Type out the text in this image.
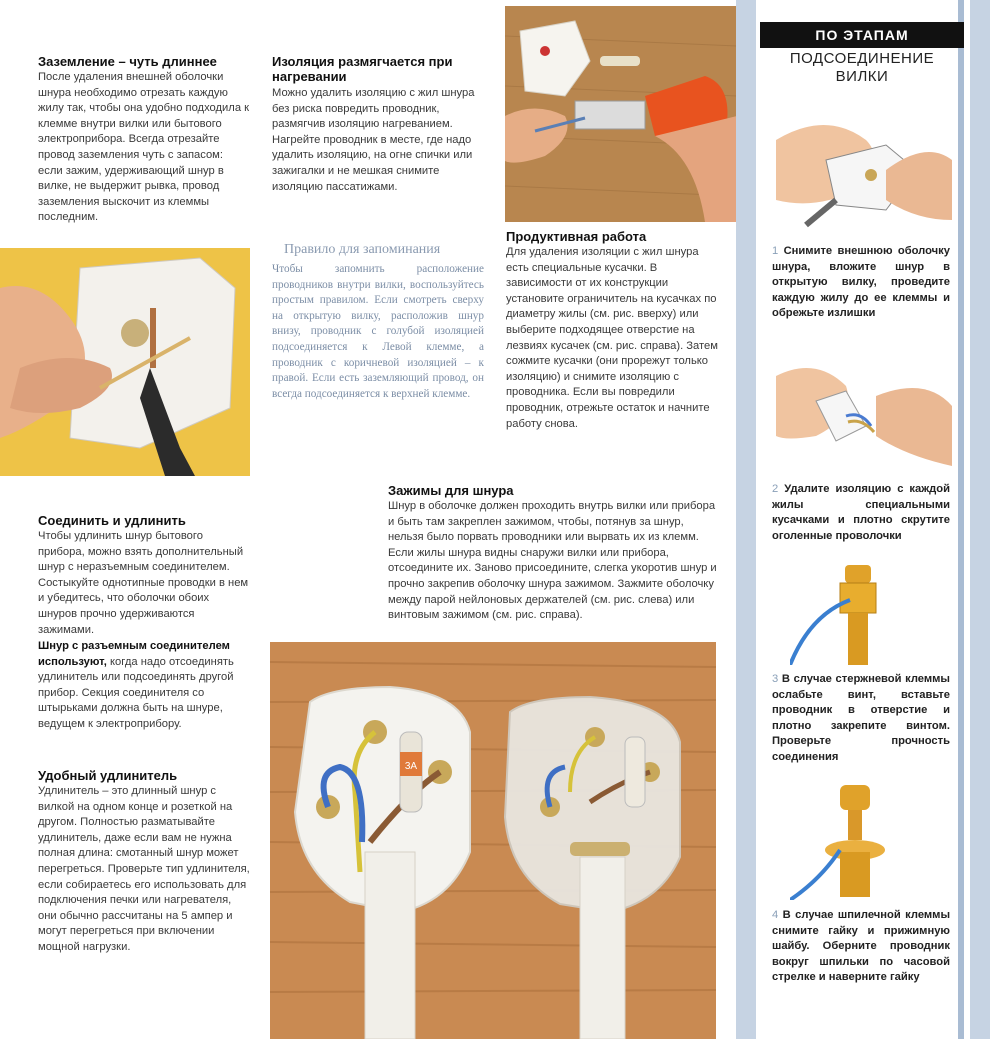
Заземление – чуть длиннее
После удаления внешней оболочки шнура необходимо отрезать каждую жилу так, чтобы она удобно подходила к клемме внутри вилки или бытового электроприбора. Всегда отрезайте провод заземления чуть с запасом: если зажим, удерживающий шнур в вилке, не выдержит рывка, провод заземления выскочит из клеммы последним.
Соединить и удлинить
Чтобы удлинить шнур бытового прибора, можно взять дополнительный шнур с неразъемным соединителем. Состыкуйте однотипные проводки в нем и убедитесь, что оболочки обоих шнуров прочно удерживаются зажимами.
Шнур с разъемным соединителем используют, когда надо отсоединять удлинитель или подсоединять другой прибор. Секция соединителя со штырьками должна быть на шнуре, ведущем к электроприбору.
Удобный удлинитель
Удлинитель – это длинный шнур с вилкой на одном конце и розеткой на другом. Полностью разматывайте удлинитель, даже если вам не нужна полная длина: смотанный шнур может перегреться. Проверьте тип удлинителя, если собираетесь его использовать для подключения печки или нагревателя, они обычно рассчитаны на 5 ампер и могут перегреться при включении мощной нагрузки.
Изоляция размягчается при нагревании
Можно удалить изоляцию с жил шнура без риска повредить проводник, размягчив изоляцию нагреванием. Нагрейте проводник в месте, где надо удалить изоляцию, на огне спички или зажигалки и не мешкая снимите изоляцию пассатижами.
Правило для запоминания
Чтобы запомнить расположение проводников внутри вилки, воспользуйтесь простым правилом. Если смотреть сверху на открытую вилку, расположив шнур внизу, проводник с голубой изоляцией подсоединяется к Левой клемме, а проводник с коричневой изоляцией – к правой. Если есть заземляющий провод, он всегда подсоединяется к верхней клемме.
Зажимы для шнура
Шнур в оболочке должен проходить внутрь вилки или прибора и быть там закреплен зажимом, чтобы, потянув за шнур, нельзя было порвать проводники или вырвать их из клемм. Если жилы шнура видны снаружи вилки или прибора, отсоедините их. Заново присоедините, слегка укоротив шнур и прочно закрепив оболочку шнура зажимом. Зажмите оболочку между парой нейлоновых держателей (см. рис. слева) или винтовым зажимом (см. рис. справа).
Продуктивная работа
Для удаления изоляции с жил шнура есть специальные кусачки. В зависимости от их конструкции установите ограничитель на кусачках по диаметру жилы (см. рис. вверху) или выберите подходящее отверстие на лезвиях кусачек (см. рис. справа). Затем сожмите кусачки (они прорежут только изоляцию) и снимите изоляцию с проводника. Если вы повредили проводник, отрежьте остаток и начните работу снова.
3A
ПО ЭТАПАМ
ПОДСОЕДИНЕНИЕ
ВИЛКИ
1 Снимите внешнюю оболочку шнура, вложите шнур в открытую вилку, проведите каждую жилу до ее клеммы и обрежьте излишки
2 Удалите изоляцию с каждой жилы специальными кусачками и плотно скрутите оголенные проволочки
3 В случае стержневой клеммы ослабьте винт, вставьте проводник в отверстие и плотно закрепите винтом. Проверьте прочность соединения
4 В случае шпилечной клеммы снимите гайку и прижимную шайбу. Оберните проводник вокруг шпильки по часовой стрелке и наверните гайку
